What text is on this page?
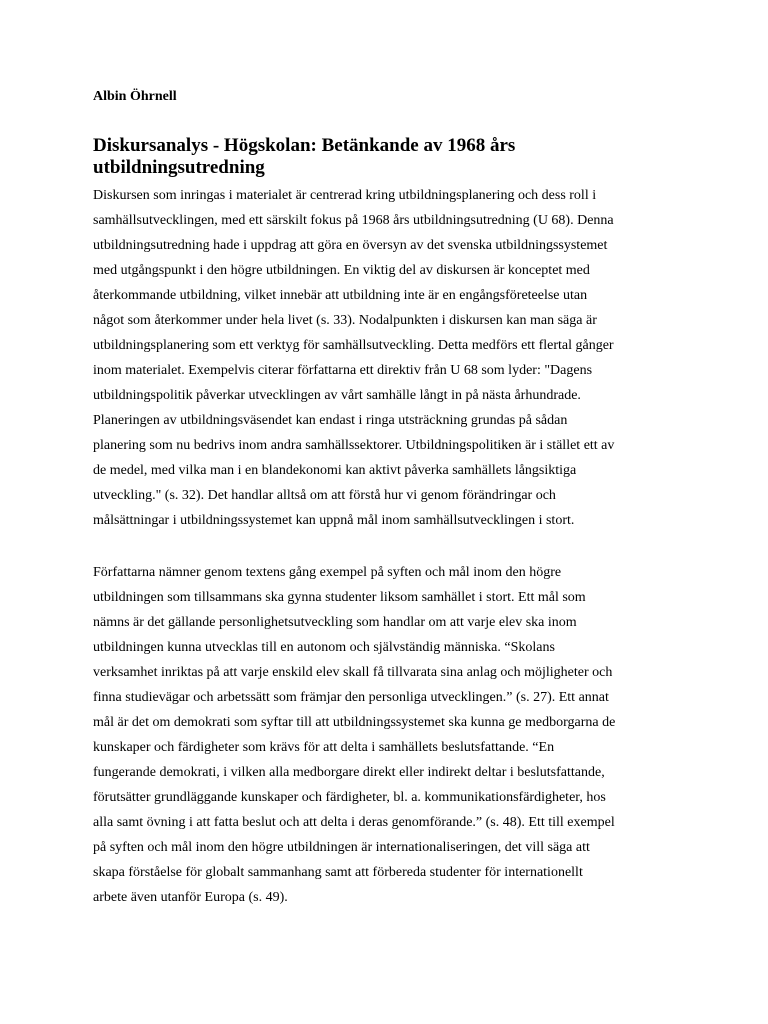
Albin Öhrnell
Diskursanalys - Högskolan: Betänkande av 1968 års
utbildningsutredning
Diskursen som inringas i materialet är centrerad kring utbildningsplanering och dess roll i
samhällsutvecklingen, med ett särskilt fokus på 1968 års utbildningsutredning (U 68). Denna
utbildningsutredning hade i uppdrag att göra en översyn av det svenska utbildningssystemet
med utgångspunkt i den högre utbildningen. En viktig del av diskursen är konceptet med
återkommande utbildning, vilket innebär att utbildning inte är en engångsföreteelse utan
något som återkommer under hela livet (s. 33). Nodalpunkten i diskursen kan man säga är
utbildningsplanering som ett verktyg för samhällsutveckling. Detta medförs ett flertal gånger
inom materialet. Exempelvis citerar författarna ett direktiv från U 68 som lyder: "Dagens
utbildningspolitik påverkar utvecklingen av vårt samhälle långt in på nästa århundrade.
Planeringen av utbildningsväsendet kan endast i ringa utsträckning grundas på sådan
planering som nu bedrivs inom andra samhällssektorer. Utbildningspolitiken är i stället ett av
de medel, med vilka man i en blandekonomi kan aktivt påverka samhällets långsiktiga
utveckling." (s. 32). Det handlar alltså om att förstå hur vi genom förändringar och
målsättningar i utbildningssystemet kan uppnå mål inom samhällsutvecklingen i stort.
Författarna nämner genom textens gång exempel på syften och mål inom den högre
utbildningen som tillsammans ska gynna studenter liksom samhället i stort. Ett mål som
nämns är det gällande personlighetsutveckling som handlar om att varje elev ska inom
utbildningen kunna utvecklas till en autonom och självständig människa. “Skolans
verksamhet inriktas på att varje enskild elev skall få tillvarata sina anlag och möjligheter och
finna studievägar och arbetssätt som främjar den personliga utvecklingen.” (s. 27). Ett annat
mål är det om demokrati som syftar till att utbildningssystemet ska kunna ge medborgarna de
kunskaper och färdigheter som krävs för att delta i samhällets beslutsfattande. “En
fungerande demokrati, i vilken alla medborgare direkt eller indirekt deltar i beslutsfattande,
förutsätter grundläggande kunskaper och färdigheter, bl. a. kommunikationsfärdigheter, hos
alla samt övning i att fatta beslut och att delta i deras genomförande.” (s. 48). Ett till exempel
på syften och mål inom den högre utbildningen är internationaliseringen, det vill säga att
skapa förståelse för globalt sammanhang samt att förbereda studenter för internationellt
arbete även utanför Europa (s. 49).
